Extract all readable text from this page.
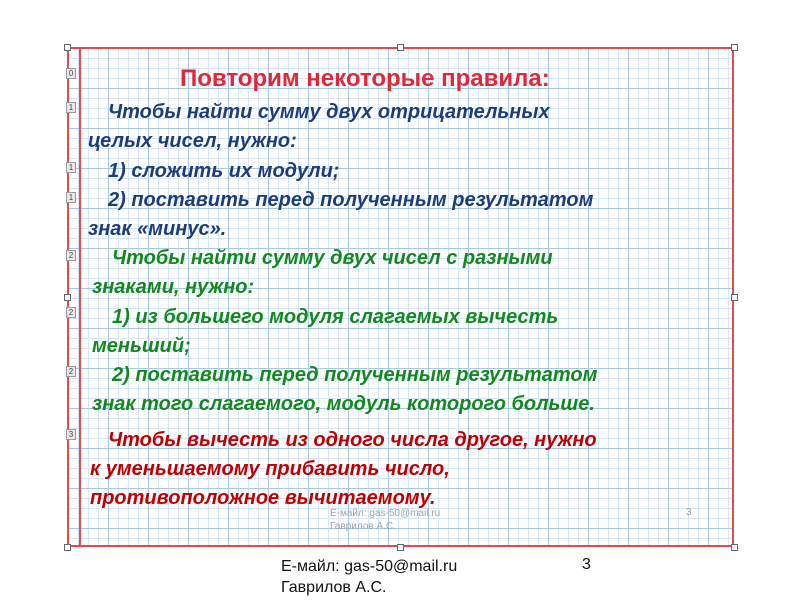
0
1
1
1
2
2
2
3
Повторим некоторые правила:

Чтобы найти сумму двух отрицательных

целых чисел, нужно:

1) сложить их модули;

2) поставить перед полученным результатом

знак «минус».

Чтобы найти сумму двух чисел с разными

знаками, нужно:

1) из большего модуля слагаемых вычесть

меньший;

2) поставить перед полученным результатом

знак того слагаемого, модуль которого больше.

Чтобы вычесть из одного числа другое, нужно

к уменьшаемому прибавить число,

противоположное вычитаемому.

E-майл: gas-50@mail.ru
Гаврилов А.С.
3
Е-майл: gas-50@mail.ru
Гаврилов А.С.
3
